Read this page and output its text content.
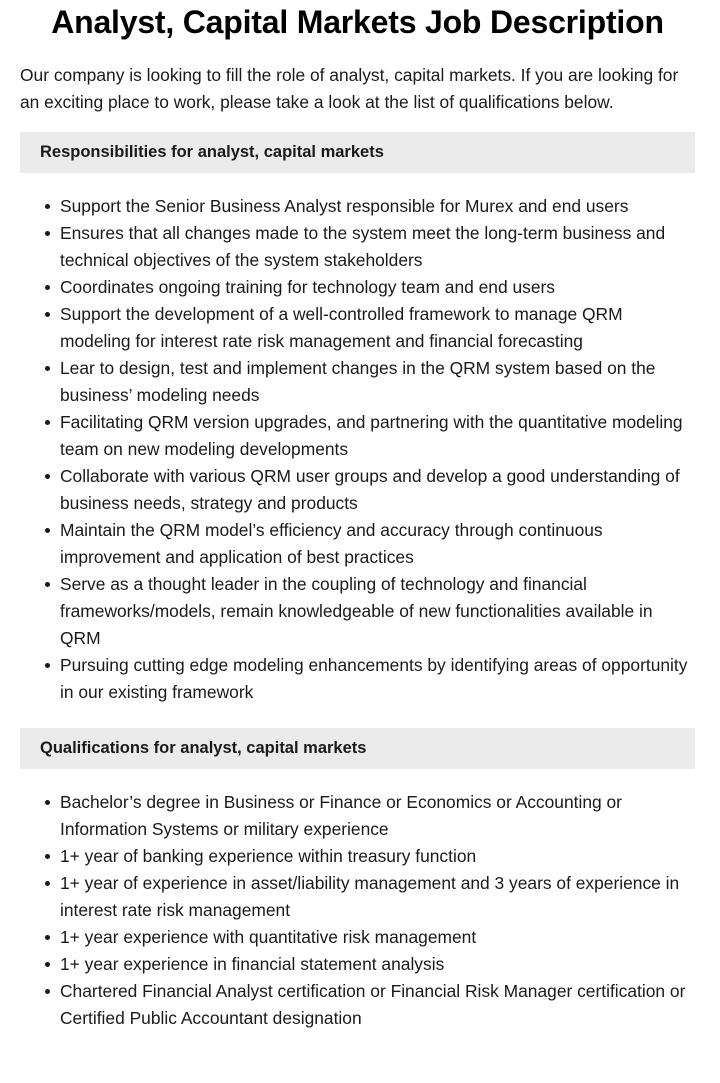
Analyst, Capital Markets Job Description

Our company is looking to fill the role of analyst, capital markets. If you are looking for an exciting place to work, please take a look at the list of qualifications below.

Responsibilities for analyst, capital markets
Support the Senior Business Analyst responsible for Murex and end users
Ensures that all changes made to the system meet the long-term business and technical objectives of the system stakeholders
Coordinates ongoing training for technology team and end users
Support the development of a well-controlled framework to manage QRM modeling for interest rate risk management and financial forecasting
Lear to design, test and implement changes in the QRM system based on the business’ modeling needs
Facilitating QRM version upgrades, and partnering with the quantitative modeling team on new modeling developments
Collaborate with various QRM user groups and develop a good understanding of business needs, strategy and products
Maintain the QRM model’s efficiency and accuracy through continuous improvement and application of best practices
Serve as a thought leader in the coupling of technology and financial frameworks/models, remain knowledgeable of new functionalities available in QRM
Pursuing cutting edge modeling enhancements by identifying areas of opportunity in our existing framework
Qualifications for analyst, capital markets
Bachelor’s degree in Business or Finance or Economics or Accounting or Information Systems or military experience
1+ year of banking experience within treasury function
1+ year of experience in asset/liability management and 3 years of experience in interest rate risk management
1+ year experience with quantitative risk management
1+ year experience in financial statement analysis
Chartered Financial Analyst certification or Financial Risk Manager certification or Certified Public Accountant designation
